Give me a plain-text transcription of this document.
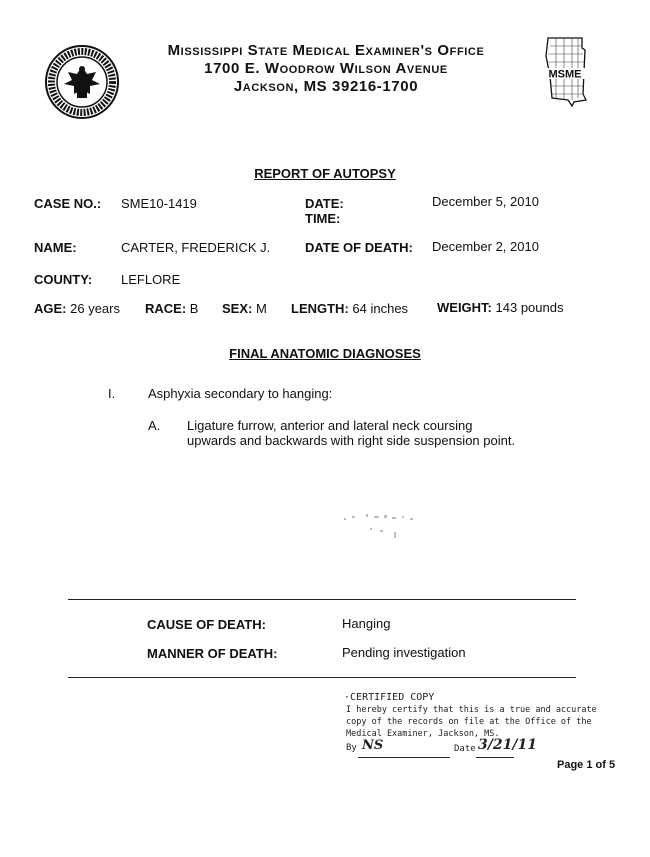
Mississippi State Medical Examiner's Office
1700 E. Woodrow Wilson Avenue
Jackson, MS 39216-1700
MSME
REPORT OF AUTOPSY
CASE NO.: SME10-1419	DATE:	December 5, 2010
TIME:
NAME:	CARTER, FREDERICK J.	DATE OF DEATH: December 2, 2010
COUNTY: LEFLORE
AGE: 26 years RACE: B SEX: M LENGTH: 64 inches WEIGHT: 143 pounds
FINAL ANATOMIC DIAGNOSES
I.	Asphyxia secondary to hanging:
A. Ligature furrow, anterior and lateral neck coursing
upwards and backwards with right side suspension point.
CAUSE OF DEATH:	Hanging
MANNER OF DEATH:	Pending investigation
·CERTIFIED COPY
I hereby certify that this is a true and accurate
copy of the records on file at the Office of the
Medical Examiner, Jackson, MS.
By NS	Date 3/21/11
Page 1 of 5
